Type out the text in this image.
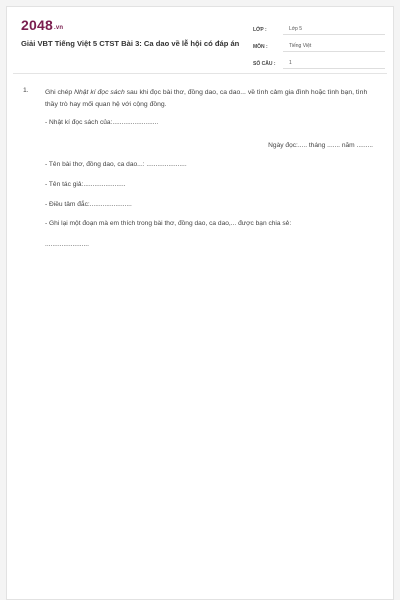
2048.vn
Giải VBT Tiếng Việt 5 CTST Bài 3: Ca dao về lễ hội có đáp án
LỚP :	Lớp 5
MÔN :	Tiếng Việt
SỐ CÂU :	1
1. Ghi chép Nhật kí đọc sách sau khi đọc bài thơ, đồng dao, ca dao... về tình cảm gia đình hoặc tình bạn, tình thầy trò hay mối quan hệ với cộng đồng.
- Nhật kí đọc sách của:.........................
Ngày đọc:..... tháng ....... năm .........
- Tên bài thơ, đồng dao, ca dao...: ......................
- Tên tác giả:.......................
- Điều tâm đắc:.......................
- Ghi lại một đoạn mà em thích trong bài thơ, đồng dao, ca dao,... được bạn chia sẻ:
........................
